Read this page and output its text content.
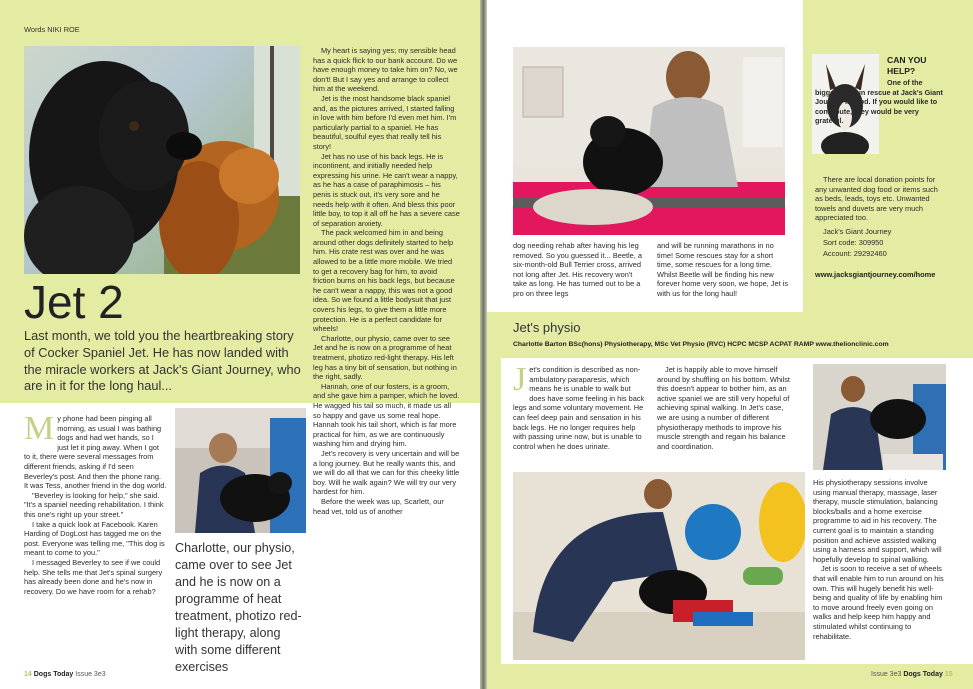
Words NIKI ROE
Jet 2
Last month, we told you the heartbreaking story of Cocker Spaniel Jet. He has now landed with the miracle workers at Jack's Giant Journey, who are in it for the long haul...
M y phone had been pinging all morning, as usual I was bathing dogs and had wet hands, so I just let it ping away. When I got to it, there were several messages from different friends, asking if I'd seen Beverley's post. And then the phone rang. It was Tess, another friend in the dog world.

"Beverley is looking for help," she said. "It's a spaniel needing rehabilitation. I think this one's right up your street."

I take a quick look at Facebook. Karen Harding of DogLost has tagged me on the post. Everyone was telling me, "This dog is meant to come to you."

I messaged Beverley to see if we could help. She tells me that Jet's spinal surgery has already been done and he's now in recovery. Do we have room for a rehab?

Charlotte, our physio, came over to see Jet and he is now on a programme of heat treatment, photizo red-light therapy, along with some different exercises

My heart is saying yes; my sensible head has a quick flick to our bank account. Do we have enough money to take him on? No, we don't! But I say yes and arrange to collect him at the weekend.

Jet is the most handsome black spaniel and, as the pictures arrived, I started falling in love with him before I'd even met him. I'm particularly partial to a spaniel. He has beautiful, soulful eyes that really tell his story!

Jet has no use of his back legs. He is incontinent, and initially needed help expressing his urine. He can't wear a nappy, as he has a case of paraphimosis – his penis is stuck out, it's very sore and he needs help with it often. And bless this poor little boy, to top it all off he has a severe case of separation anxiety.

The pack welcomed him in and being around other dogs definitely started to help him. His crate rest was over and he was allowed to be a little more mobile. We tried to get a recovery bag for him, to avoid friction burns on his back legs, but because he can't wear a nappy, this was not a good idea. So we found a little bodysuit that just covers his legs, to give them a little more protection. He is a perfect candidate for wheels!

Charlotte, our physio, came over to see Jet and he is now on a programme of heat treatment, photizo red-light therapy. His left leg has a tiny bit of sensation, but nothing in the right, sadly.

Hannah, one of our fosters, is a groom, and she gave him a pamper, which he loved. He wagged his tail so much, it made us all so happy and gave us some real hope. Hannah took his tail short, which is far more practical for him, as we are continuously washing him and drying him.

Jet's recovery is very uncertain and will be a long journey. But he really wants this, and we will do all that we can for this cheeky little boy. Will he walk again? We will try our very hardest for him.

Before the week was up, Scarlett, our head vet, told us of another

14 Dogs Today Issue 3e3
dog needing rehab after having his leg removed. So you guessed it... Beetle, a six-month-old Bull Terrier cross, arrived not long after Jet. His recovery won't take as long. He has turned out to be a pro on three legs
and will be running marathons in no time! Some rescues stay for a short time, some rescues for a long time. Whilst Beetle will be finding his new forever home very soon, we hope, Jet is with us for the long haul!
CAN YOU HELP?
One of the biggest bills in rescue at Jack's Giant Journey is food. If you would like to contribute, they would be very grateful.
There are local donation points for any unwanted dog food or items such as beds, leads, toys etc. Unwanted towels and duvets are very much appreciated too.
Jack's Giant Journey
Sort code: 309950
Account: 29292460
www.jacksgiantjourney.com/home
Jet's physio
Charlotte Barton BSc(hons) Physiotherapy, MSc Vet Physio (RVC) HCPC MCSP ACPAT RAMP www.thelionclinic.com
J et's condition is described as non-ambulatory paraparesis, which means he is unable to walk but does have some feeling in his back legs and some voluntary movement. He can feel deep pain and sensation in his back legs. He no longer requires help with passing urine now, but is unable to control when he does urinate.

Jet is happily able to move himself around by shuffling on his bottom. Whilst this doesn't appear to bother him, as an active spaniel we are still very hopeful of achieving spinal walking. In Jet's case, we are using a number of different physiotherapy methods to improve his muscle strength and regain his balance and coordination.

His physiotherapy sessions involve using manual therapy, massage, laser therapy, muscle stimulation, balancing blocks/balls and a home exercise programme to aid in his recovery. The current goal is to maintain a standing position and achieve assisted walking using a harness and support, which will hopefully develop to spinal walking.

Jet is soon to receive a set of wheels that will enable him to run around on his own. This will hugely benefit his well-being and quality of life by enabling him to move around freely even going on walks and help keep him happy and stimulated whilst continuing to rehabilitate.

Issue 3e3 Dogs Today 15
